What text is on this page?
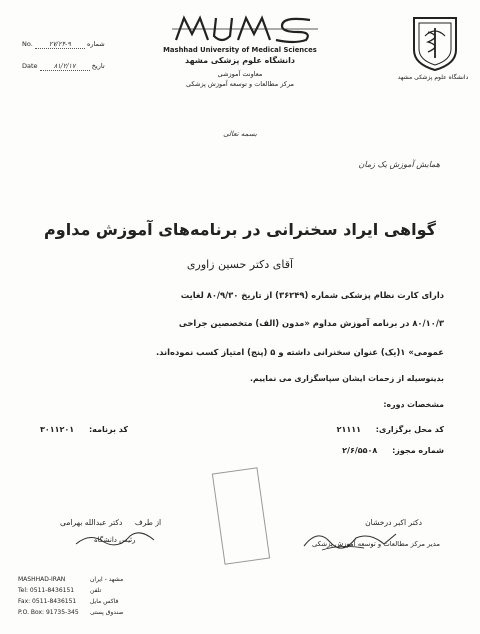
No. ۲۷/۲۴-۹ شماره
Date ۸۱/۲/۱۷ تاریخ
Mashhad University of Medical Sciences
دانشگاه علوم پزشکی مشهد
معاونت آموزشی
مرکز مطالعات و توسعه آموزش پزشکی
دانشگاه علوم پزشکی مشهد
بسمه تعالی
همایش آموزش یک زمان
گواهی ایراد سخنرانی در برنامه‌های آموزش مداوم
آقای دکتر حسین زاوری
دارای کارت نظام پزشکی شماره (۳۶۲۴۹) از تاریخ ۸۰/۹/۳۰ لغایت
۸۰/۱۰/۳ در برنامه آموزش مداوم «مدون (الف) متخصصین جراحی
عمومی» ۱(یک) عنوان سخنرانی داشته و ۵ (پنج) امتیاز کسب نموده‌اند.
بدینوسیله از زحمات ایشان سپاسگزاری می نماییم.
مشخصات دوره:
کد محل برگزاری: ۲۱۱۱۱
شماره مجوز: ۲/۶/۵۵۰۸
کد برنامه: ۳۰۱۱۲۰۱
دکتر اکبر درخشان
مدیر مرکز مطالعات و توسعه آموزش پزشکی
از طرف دکتر عبدالله بهرامی
رئیس دانشگاه
MASHHAD-IRAN
Tel: 0511-8436151
Fax: 0511-8436151
P.O. Box: 91735-345
مشهد - ایران
تلفن
فاکس مایل
صندوق پستی
